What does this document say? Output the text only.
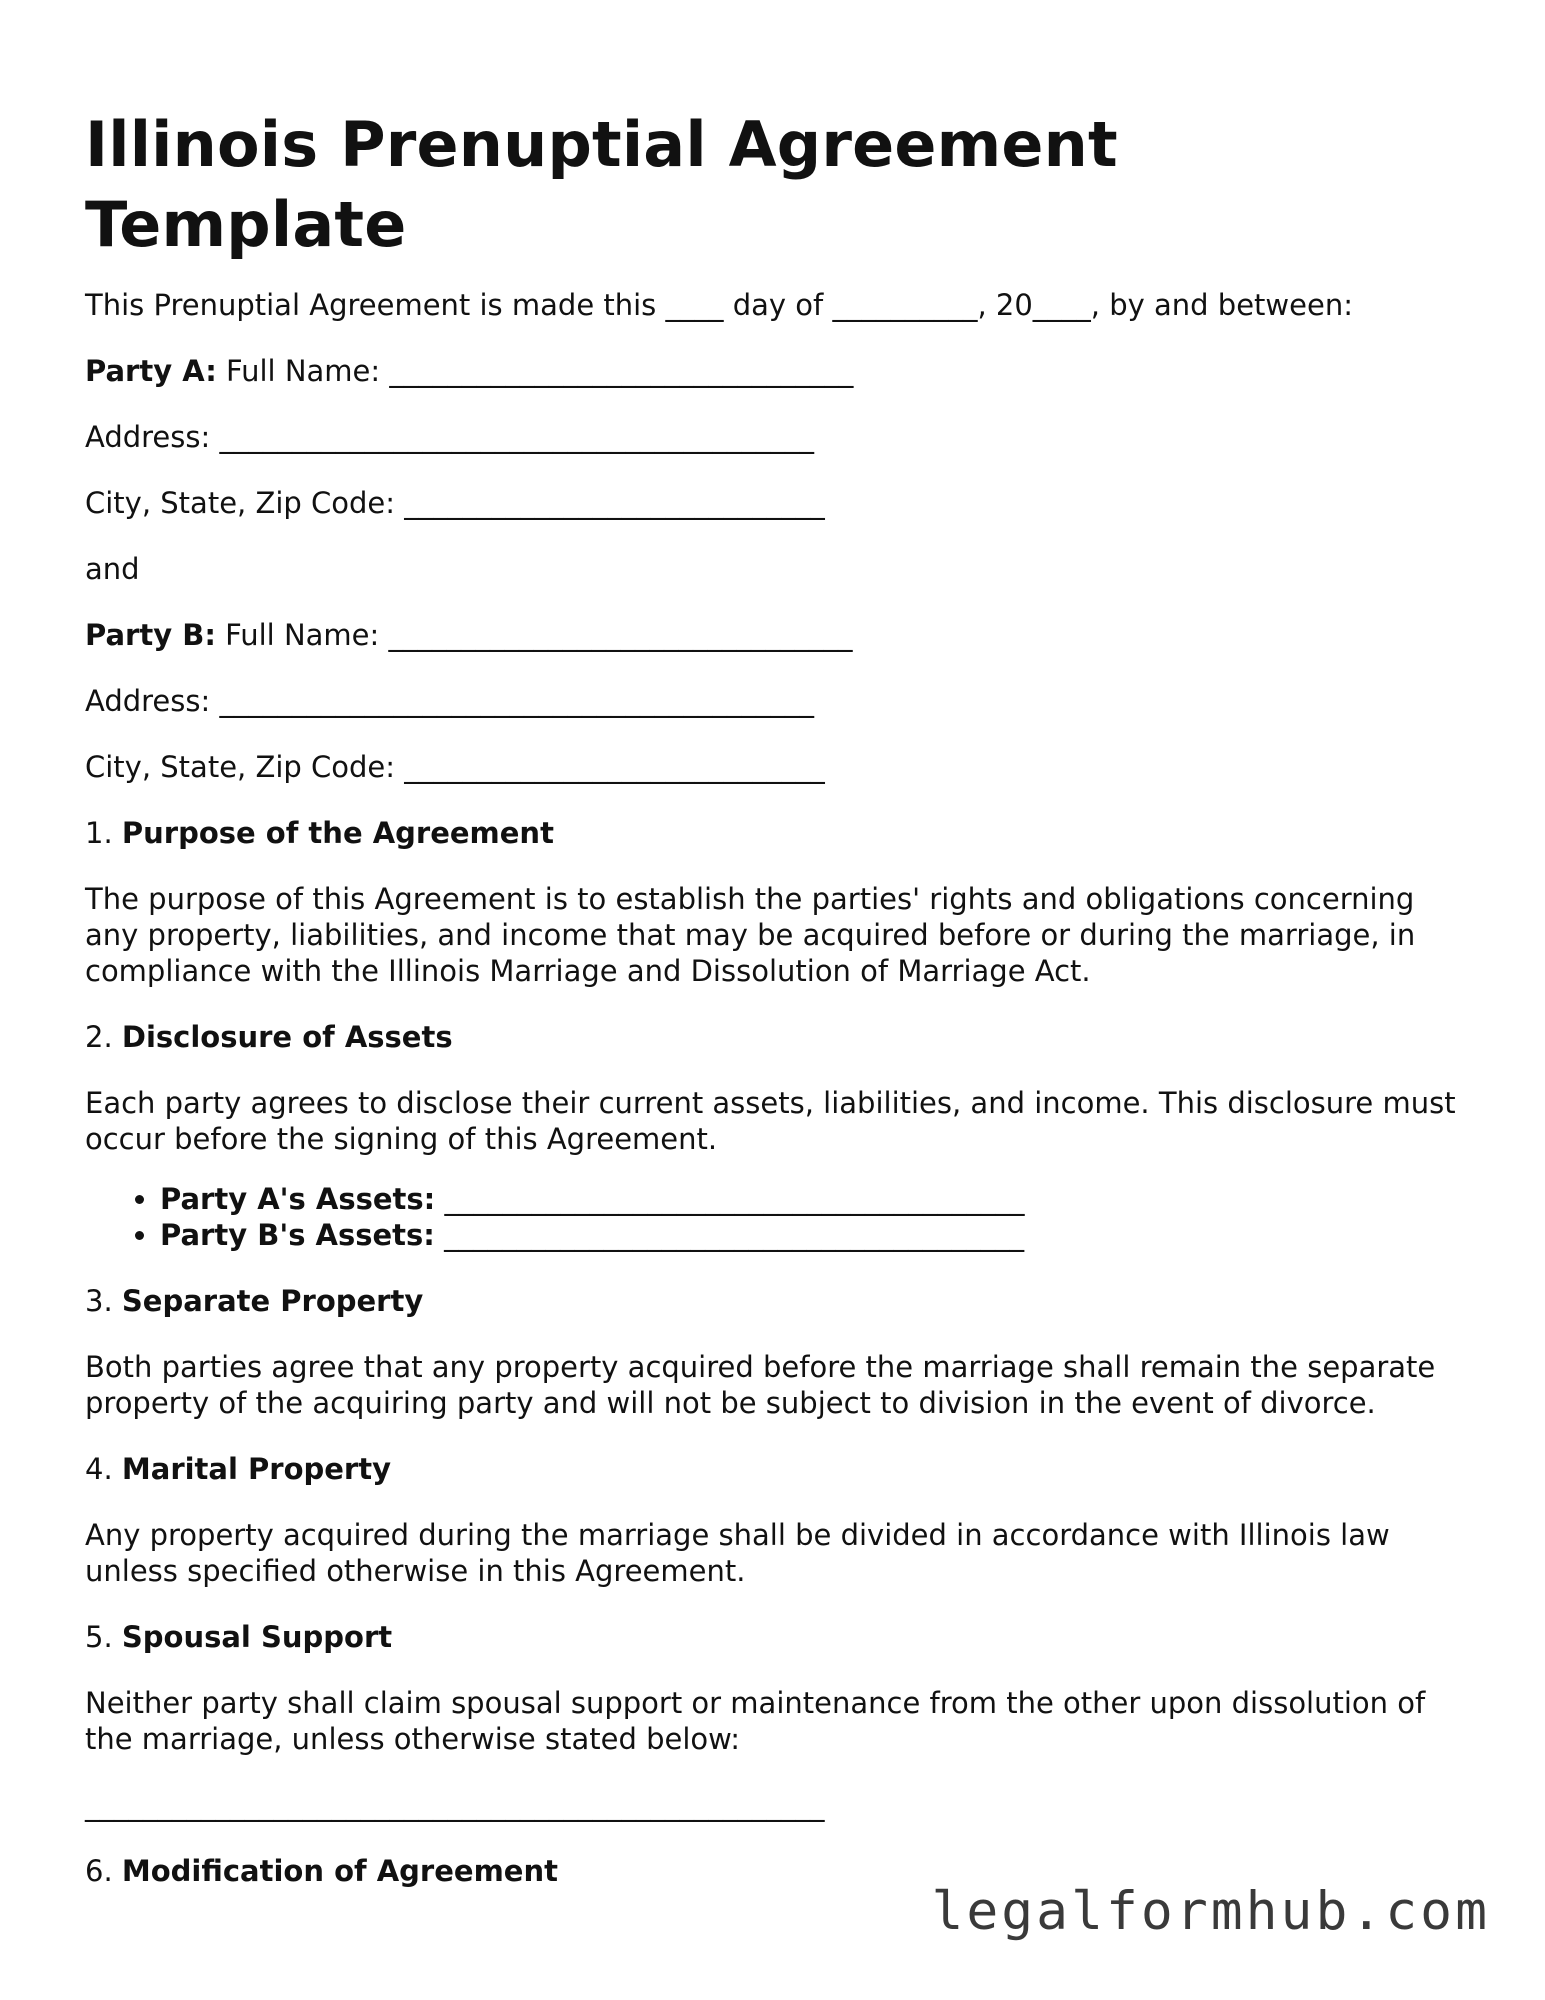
Illinois Prenuptial Agreement Template
This Prenuptial Agreement is made this ____ day of __________, 20____, by and between:
Party A: Full Name: ________________________________
Address: _________________________________________
City, State, Zip Code: _____________________________
and
Party B: Full Name: ________________________________
Address: _________________________________________
City, State, Zip Code: _____________________________
1. Purpose of the Agreement
The purpose of this Agreement is to establish the parties' rights and obligations concerning any property, liabilities, and income that may be acquired before or during the marriage, in compliance with the Illinois Marriage and Dissolution of Marriage Act.
2. Disclosure of Assets
Each party agrees to disclose their current assets, liabilities, and income. This disclosure must occur before the signing of this Agreement.
• Party A's Assets: ________________________________________
• Party B's Assets: ________________________________________
3. Separate Property
Both parties agree that any property acquired before the marriage shall remain the separate property of the acquiring party and will not be subject to division in the event of divorce.
4. Marital Property
Any property acquired during the marriage shall be divided in accordance with Illinois law unless specified otherwise in this Agreement.
5. Spousal Support
Neither party shall claim spousal support or maintenance from the other upon dissolution of the marriage, unless otherwise stated below:
___________________________________________________
6. Modification of Agreement
legalformhub.com
